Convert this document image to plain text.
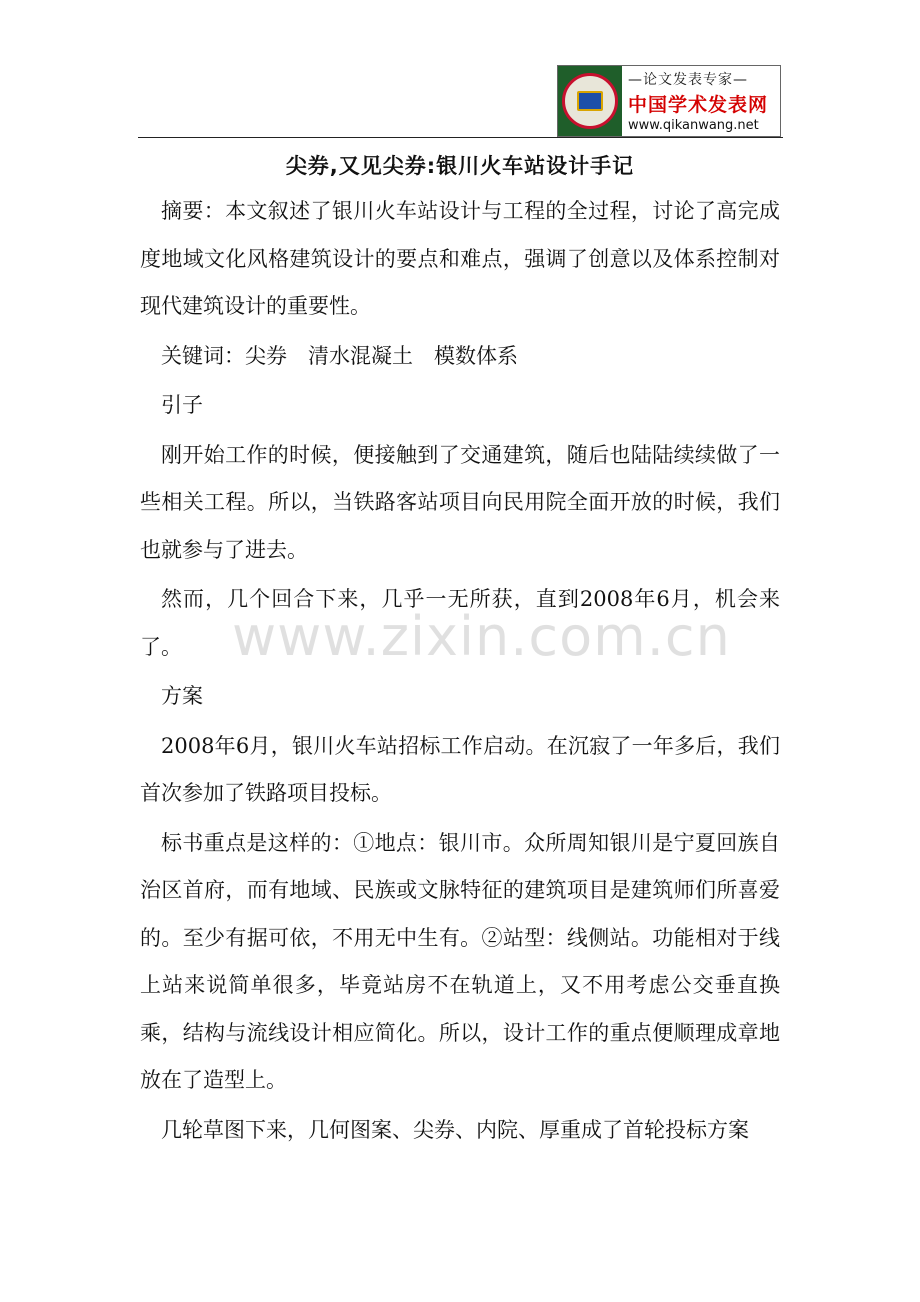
—论文发表专家—
中国学术发表网
www.qikanwang.net
尖券,又见尖券:银川火车站设计手记

摘要：本文叙述了银川火车站设计与工程的全过程，讨论了高完成度地域文化风格建筑设计的要点和难点，强调了创意以及体系控制对现代建筑设计的重要性。

关键词：尖券　清水混凝土　模数体系

引子

刚开始工作的时候，便接触到了交通建筑，随后也陆陆续续做了一些相关工程。所以，当铁路客站项目向民用院全面开放的时候，我们也就参与了进去。

然而，几个回合下来，几乎一无所获，直到2008年6月，机会来了。

方案

2008年6月，银川火车站招标工作启动。在沉寂了一年多后，我们首次参加了铁路项目投标。

标书重点是这样的：①地点：银川市。众所周知银川是宁夏回族自治区首府，而有地域、民族或文脉特征的建筑项目是建筑师们所喜爱的。至少有据可依，不用无中生有。②站型：线侧站。功能相对于线上站来说简单很多，毕竟站房不在轨道上，又不用考虑公交垂直换乘，结构与流线设计相应简化。所以，设计工作的重点便顺理成章地放在了造型上。

几轮草图下来，几何图案、尖券、内院、厚重成了首轮投标方案

www.zixin.com.cn
